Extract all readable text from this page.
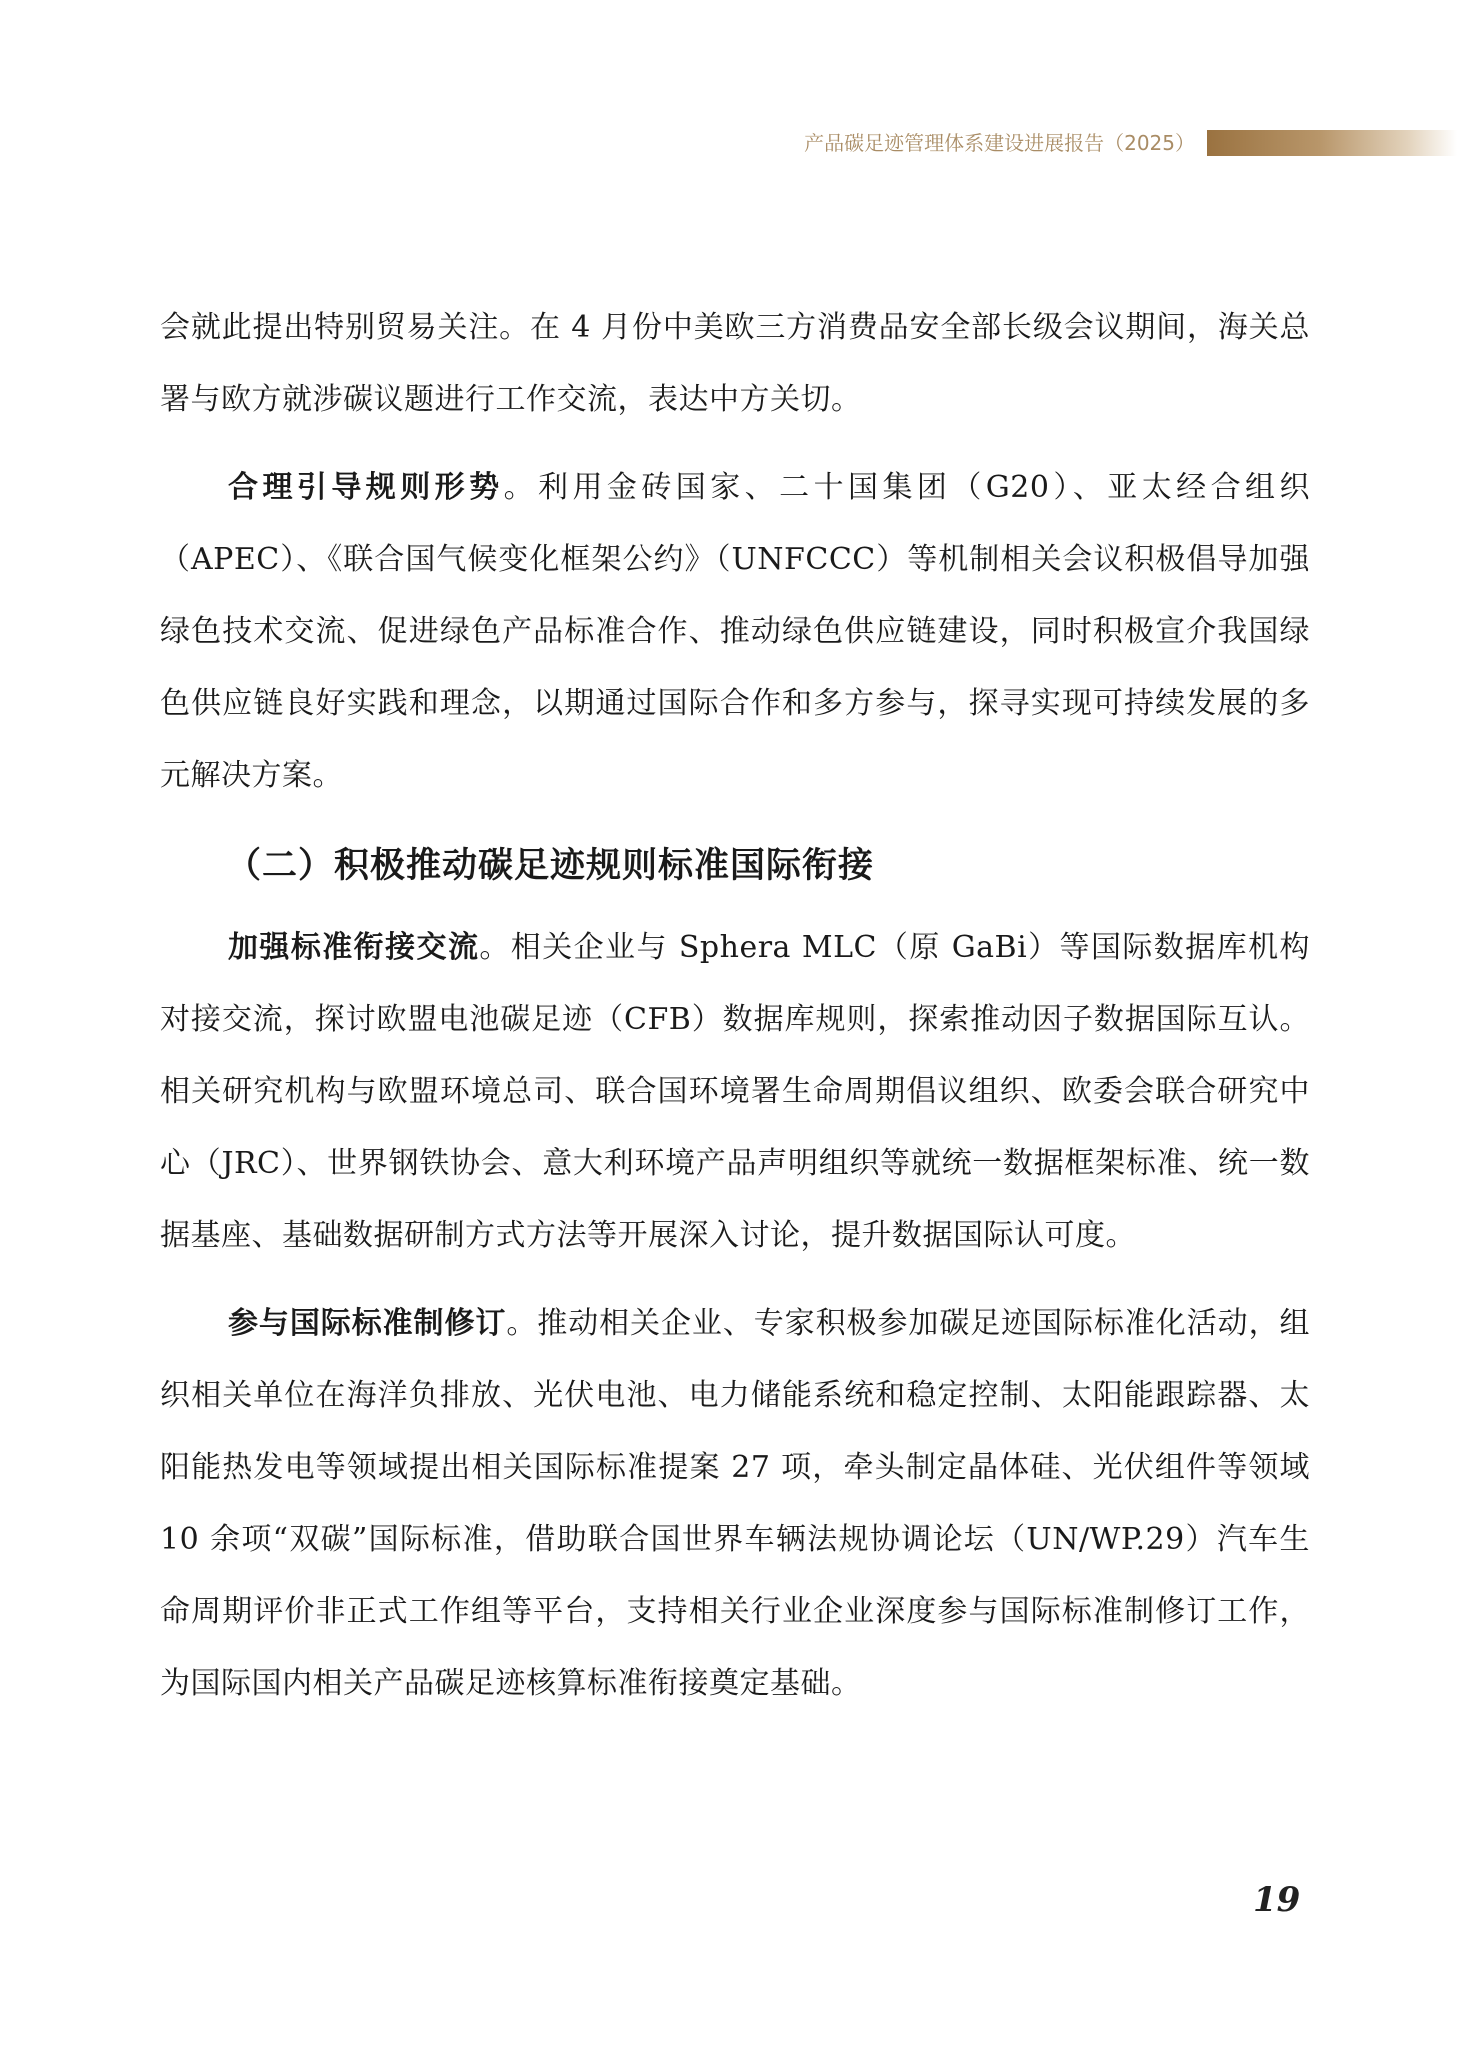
产品碳足迹管理体系建设进展报告（2025）

会就此提出特别贸易关注。在 4 月份中美欧三方消费品安全部长级会议期间，海关总署与欧方就涉碳议题进行工作交流，表达中方关切。

合理引导规则形势。利用金砖国家、二十国集团（G20）、亚太经合组织（APEC）、《联合国气候变化框架公约》（UNFCCC）等机制相关会议积极倡导加强绿色技术交流、促进绿色产品标准合作、推动绿色供应链建设，同时积极宣介我国绿色供应链良好实践和理念，以期通过国际合作和多方参与，探寻实现可持续发展的多元解决方案。

（二）积极推动碳足迹规则标准国际衔接

加强标准衔接交流。相关企业与 Sphera MLC（原 GaBi）等国际数据库机构对接交流，探讨欧盟电池碳足迹（CFB）数据库规则，探索推动因子数据国际互认。相关研究机构与欧盟环境总司、联合国环境署生命周期倡议组织、欧委会联合研究中心（JRC）、世界钢铁协会、意大利环境产品声明组织等就统一数据框架标准、统一数据基座、基础数据研制方式方法等开展深入讨论，提升数据国际认可度。

参与国际标准制修订。推动相关企业、专家积极参加碳足迹国际标准化活动，组织相关单位在海洋负排放、光伏电池、电力储能系统和稳定控制、太阳能跟踪器、太阳能热发电等领域提出相关国际标准提案 27 项，牵头制定晶体硅、光伏组件等领域 10 余项“双碳”国际标准，借助联合国世界车辆法规协调论坛（UN/WP.29）汽车生命周期评价非正式工作组等平台，支持相关行业企业深度参与国际标准制修订工作，为国际国内相关产品碳足迹核算标准衔接奠定基础。

19
